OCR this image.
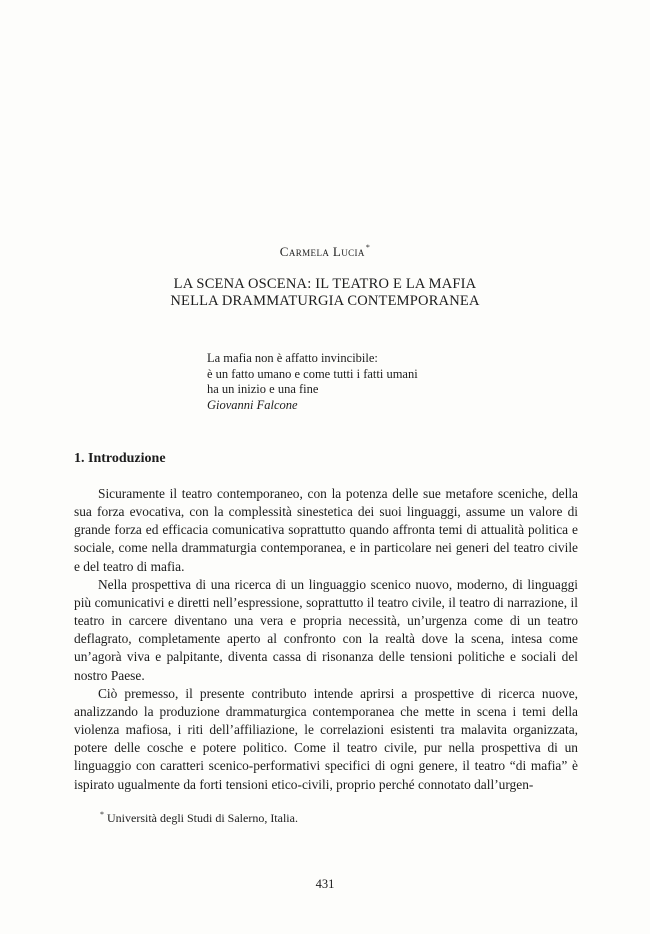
Carmela Lucia*
LA SCENA OSCENA: IL TEATRO E LA MAFIA
NELLA DRAMMATURGIA CONTEMPORANEA
La mafia non è affatto invincibile:
è un fatto umano e come tutti i fatti umani
ha un inizio e una fine
Giovanni Falcone
1. Introduzione

Sicuramente il teatro contemporaneo, con la potenza delle sue metafore sceniche, della sua forza evocativa, con la complessità sinestetica dei suoi linguaggi, assume un valore di grande forza ed efficacia comunicativa soprattutto quando affronta temi di attualità politica e sociale, come nella drammaturgia contemporanea, e in particolare nei generi del teatro civile e del teatro di mafia.

Nella prospettiva di una ricerca di un linguaggio scenico nuovo, moderno, di linguaggi più comunicativi e diretti nell’espressione, soprattutto il teatro civile, il teatro di narrazione, il teatro in carcere diventano una vera e propria necessità, un’urgenza come di un teatro deflagrato, completamente aperto al confronto con la realtà dove la scena, intesa come un’agorà viva e palpitante, diventa cassa di risonanza delle tensioni politiche e sociali del nostro Paese.

Ciò premesso, il presente contributo intende aprirsi a prospettive di ricerca nuove, analizzando la produzione drammaturgica contemporanea che mette in scena i temi della violenza mafiosa, i riti dell’affiliazione, le correlazioni esistenti tra malavita organizzata, potere delle cosche e potere politico. Come il teatro civile, pur nella prospettiva di un linguaggio con caratteri scenico-performativi specifici di ogni genere, il teatro “di mafia” è ispirato ugualmente da forti tensioni etico-civili, proprio perché connotato dall’urgen-

* Università degli Studi di Salerno, Italia.
431
